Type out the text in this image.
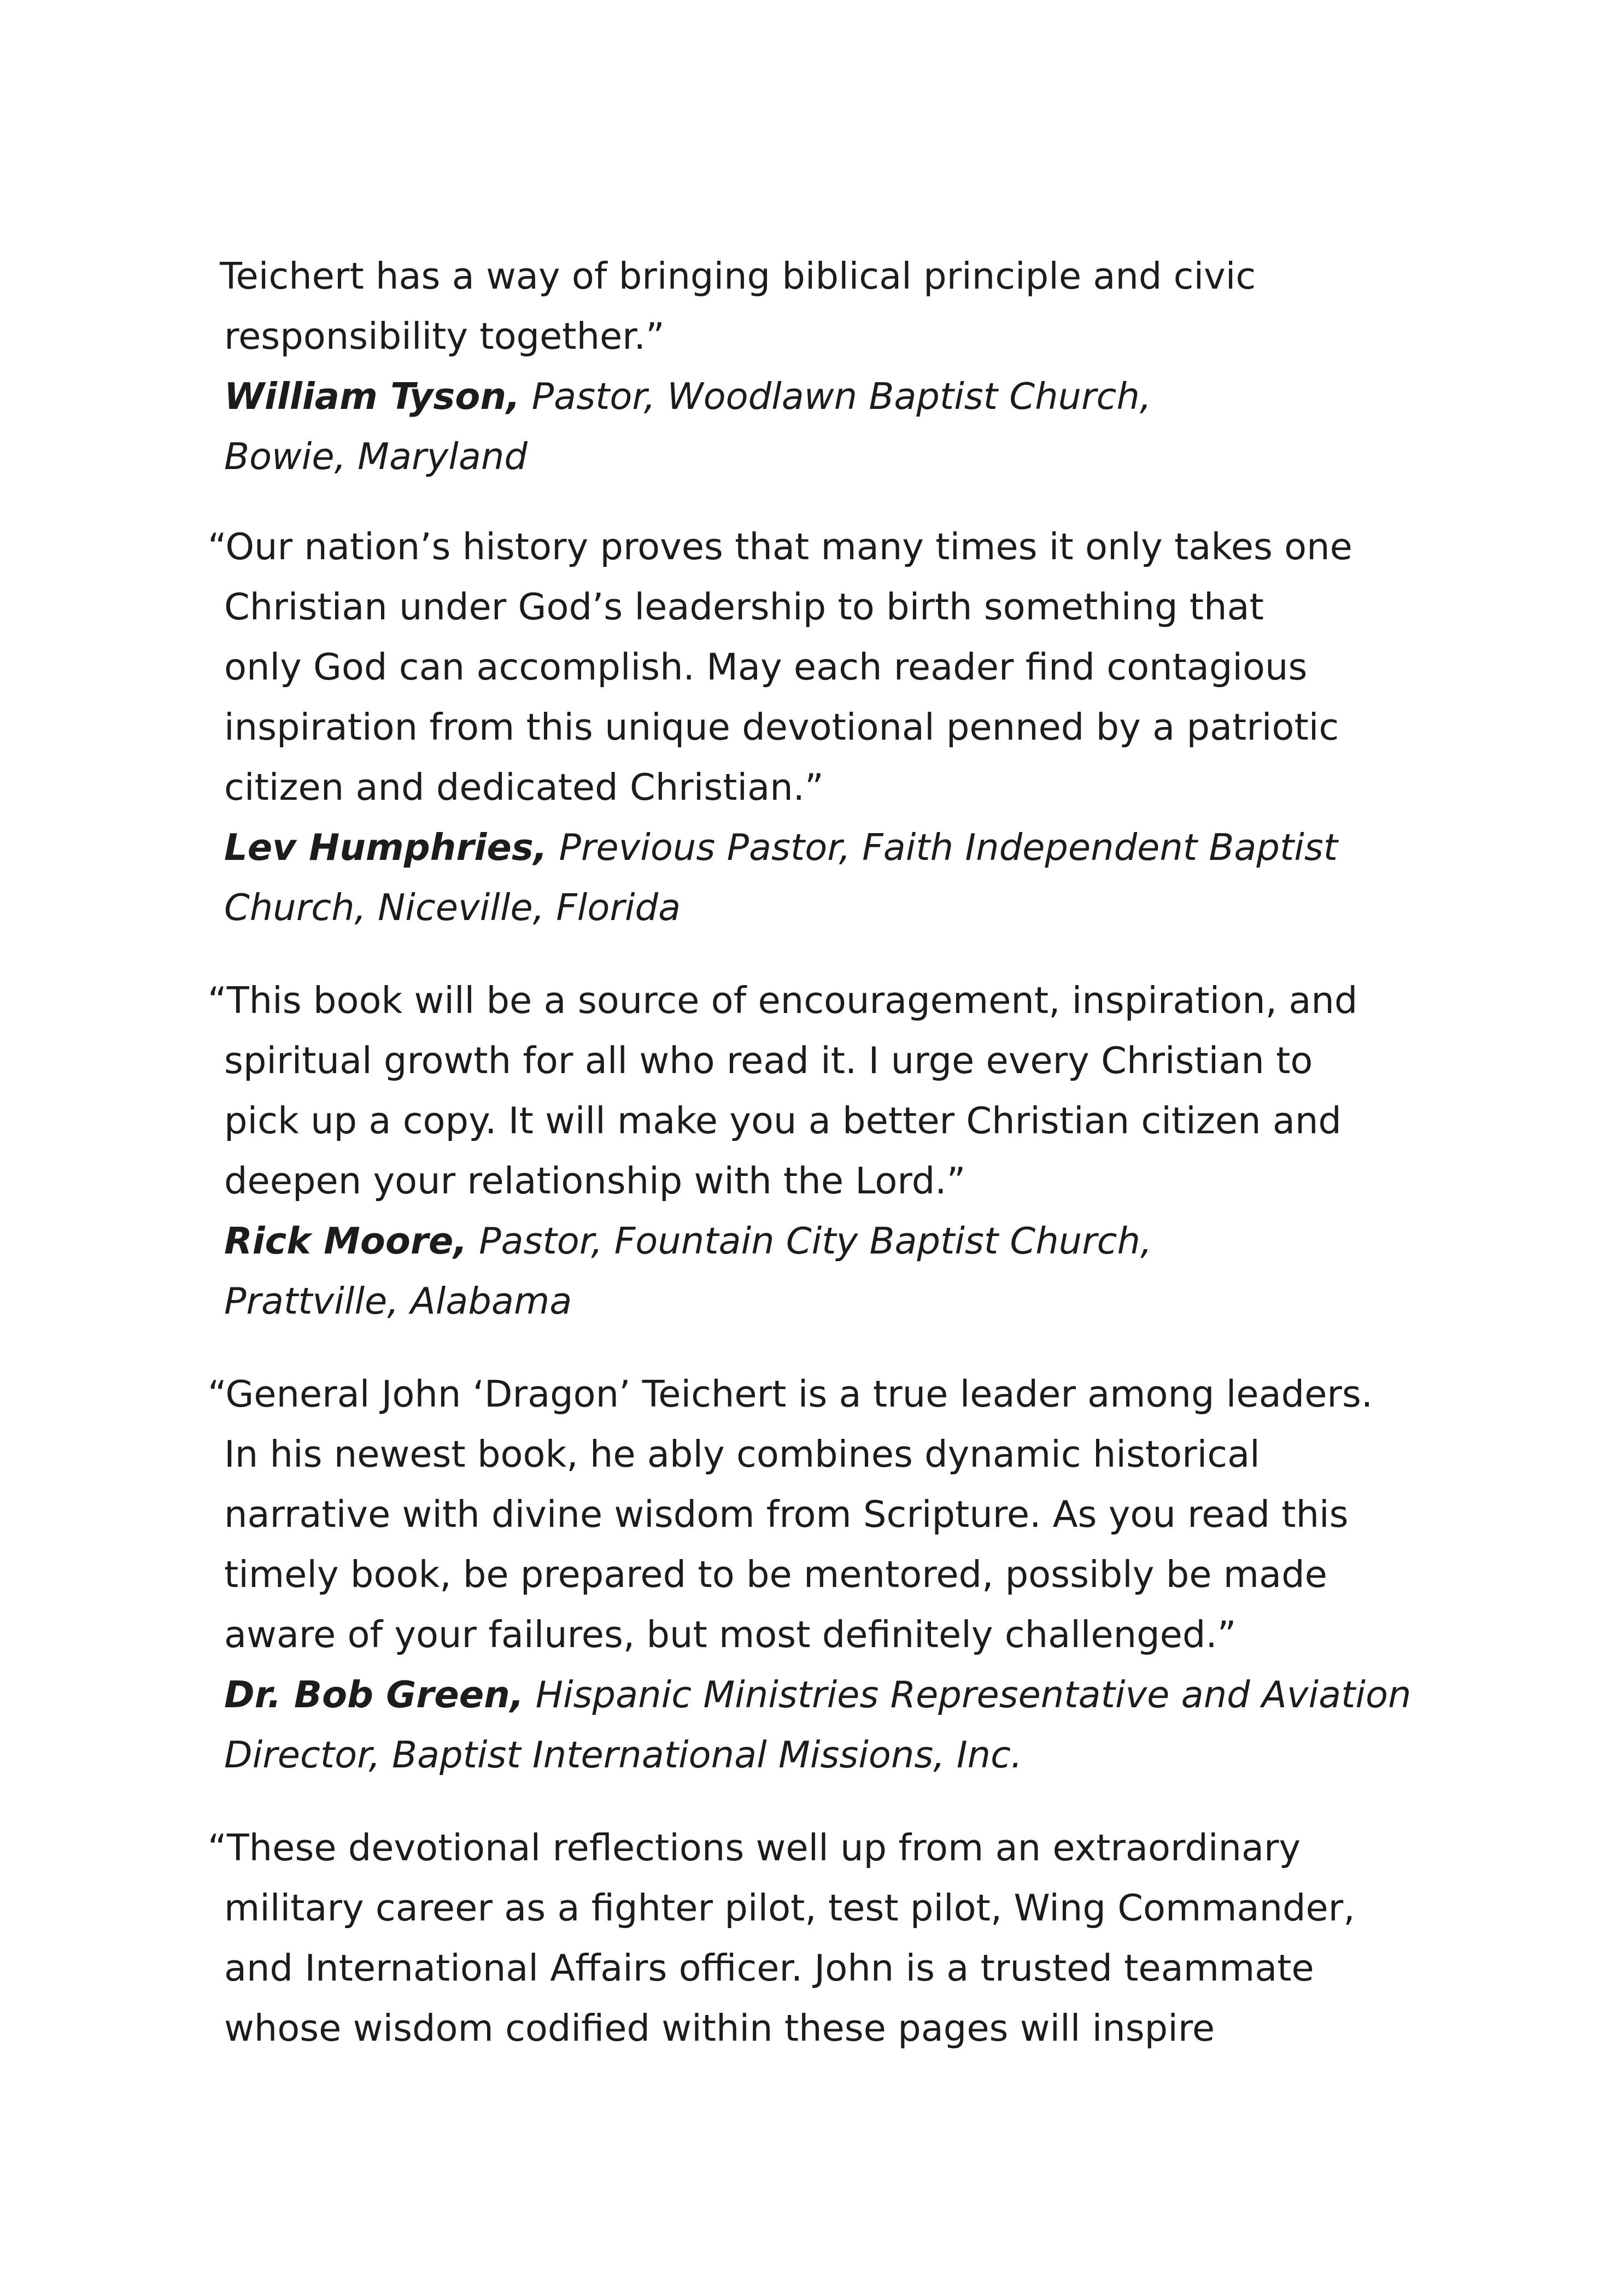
Teichert has a way of bringing biblical principle and civic
responsibility together.”
William Tyson, Pastor, Woodlawn Baptist Church,
Bowie, Maryland
“Our nation’s history proves that many times it only takes one
Christian under God’s leadership to birth something that
only God can accomplish. May each reader find contagious
inspiration from this unique devotional penned by a patriotic
citizen and dedicated Christian.”
Lev Humphries, Previous Pastor, Faith Independent Baptist
Church, Niceville, Florida
“This book will be a source of encouragement, inspiration, and
spiritual growth for all who read it. I urge every Christian to
pick up a copy. It will make you a better Christian citizen and
deepen your relationship with the Lord.”
Rick Moore, Pastor, Fountain City Baptist Church,
Prattville, Alabama
“General John ‘Dragon’ Teichert is a true leader among leaders.
In his newest book, he ably combines dynamic historical
narrative with divine wisdom from Scripture. As you read this
timely book, be prepared to be mentored, possibly be made
aware of your failures, but most definitely challenged.”
Dr. Bob Green, Hispanic Ministries Representative and Aviation
Director, Baptist International Missions, Inc.
“These devotional reflections well up from an extraordinary
military career as a fighter pilot, test pilot, Wing Commander,
and International Affairs officer. John is a trusted teammate
whose wisdom codified within these pages will inspire
